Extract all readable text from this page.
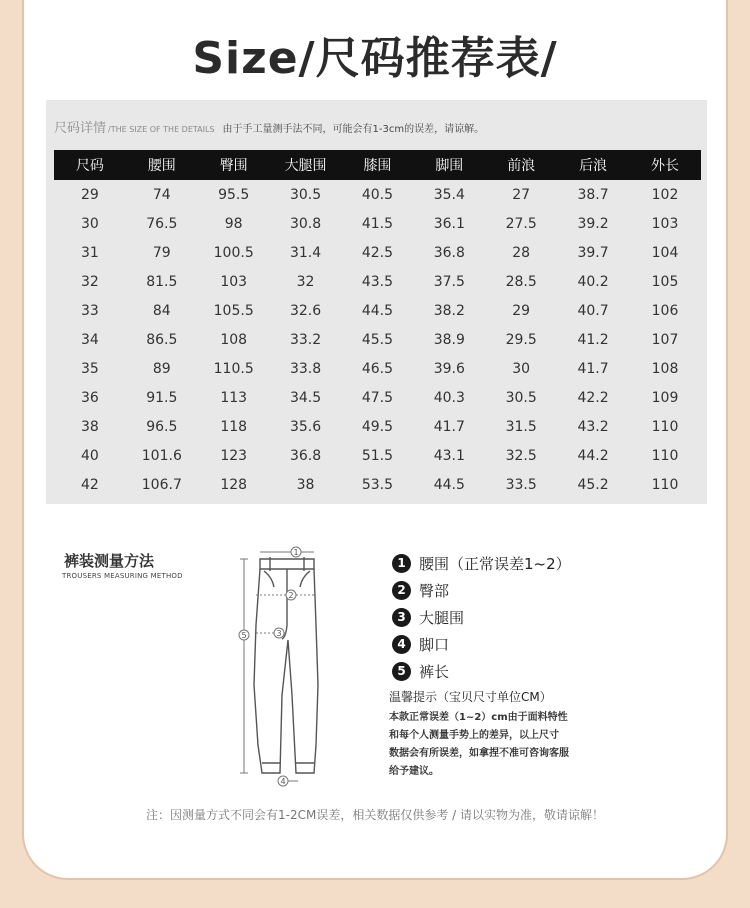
Size/尺码推荐表/
尺码详情 /THE SIZE OF THE DETAILS 由于手工量测手法不同，可能会有1-3cm的误差，请谅解。
尺码	腰围	臀围	大腿围	膝围	脚围	前浪	后浪	外长
29	74	95.5	30.5	40.5	35.4	27	38.7	102
30	76.5	98	30.8	41.5	36.1	27.5	39.2	103
31	79	100.5	31.4	42.5	36.8	28	39.7	104
32	81.5	103	32	43.5	37.5	28.5	40.2	105
33	84	105.5	32.6	44.5	38.2	29	40.7	106
34	86.5	108	33.2	45.5	38.9	29.5	41.2	107
35	89	110.5	33.8	46.5	39.6	30	41.7	108
36	91.5	113	34.5	47.5	40.3	30.5	42.2	109
38	96.5	118	35.6	49.5	41.7	31.5	43.2	110
40	101.6	123	36.8	51.5	43.1	32.5	44.2	110
42	106.7	128	38	53.5	44.5	33.5	45.2	110
裤装测量方法
TROUSERS MEASURING METHOD
1
2
3
4
5
1 腰围（正常误差1~2）
2 臀部
3 大腿围
4 脚口
5 裤长
温馨提示（宝贝尺寸单位CM）
本款正常误差（1~2）cm由于面料特性
和每个人测量手势上的差异，以上尺寸
数据会有所误差，如拿捏不准可咨询客服
给予建议。
注：因测量方式不同会有1-2CM误差，相关数据仅供参考 / 请以实物为准，敬请谅解！
